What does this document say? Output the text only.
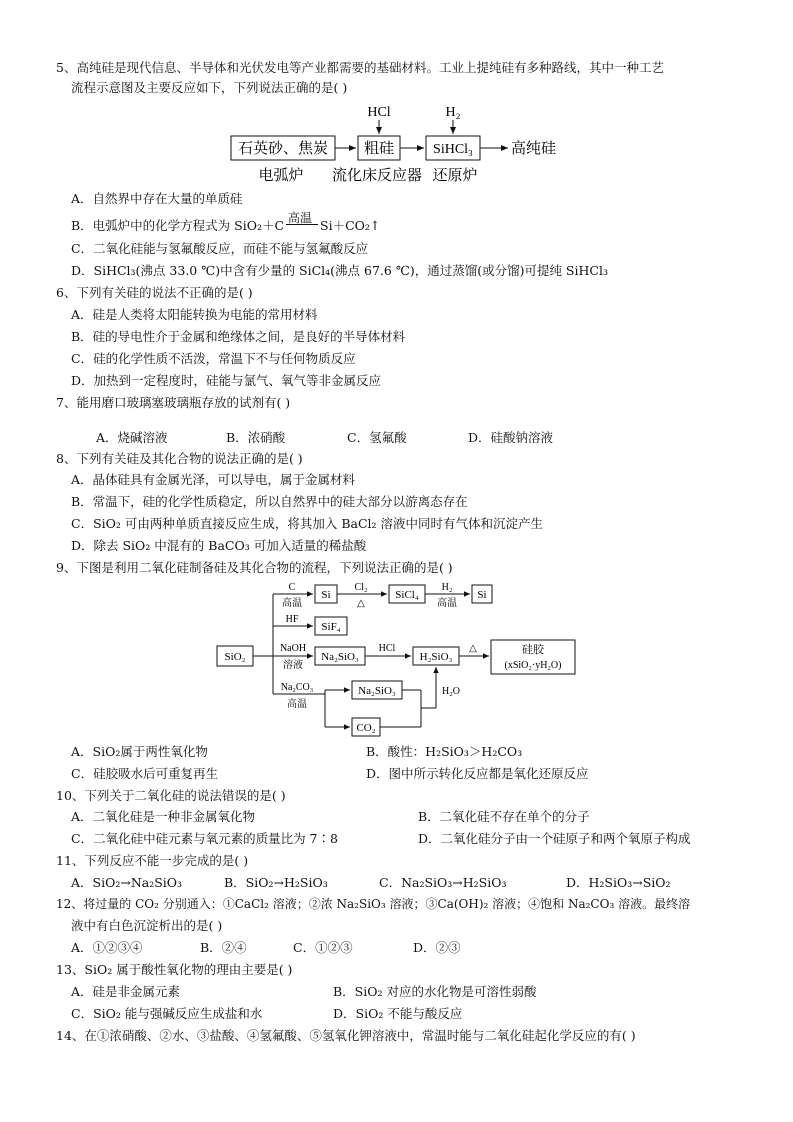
5、高纯硅是现代信息、半导体和光伏发电等产业都需要的基础材料。工业上提纯硅有多种路线，其中一种工艺
流程示意图及主要反应如下，下列说法正确的是( )
HCl	H₂
石英砂、焦炭 粗硅	SiHCl₃	高纯硅
电弧炉 流化床反应器 还原炉
A．自然界中存在大量的单质硅
B．电弧炉中的化学方程式为 SiO₂＋C 高温 Si＋CO₂↑
C．二氧化硅能与氢氟酸反应，而硅不能与氢氟酸反应
D．SiHCl₃(沸点 33.0 ℃)中含有少量的 SiCl₄(沸点 67.6 ℃)，通过蒸馏(或分馏)可提纯 SiHCl₃
6、下列有关硅的说法不正确的是( )
A．硅是人类将太阳能转换为电能的常用材料
B．硅的导电性介于金属和绝缘体之间，是良好的半导体材料
C．硅的化学性质不活泼，常温下不与任何物质反应
D．加热到一定程度时，硅能与氯气、氧气等非金属反应
7、能用磨口玻璃塞玻璃瓶存放的试剂有( )
A．烧碱溶液	B．浓硝酸	C．氢氟酸	D．硅酸钠溶液
8、下列有关硅及其化合物的说法正确的是( )
A．晶体硅具有金属光泽，可以导电，属于金属材料
B．常温下，硅的化学性质稳定，所以自然界中的硅大部分以游离态存在
C．SiO₂ 可由两种单质直接反应生成，将其加入 BaCl₂ 溶液中同时有气体和沉淀产生
D．除去 SiO₂ 中混有的 BaCO₃ 可加入适量的稀盐酸
9、下图是利用二氧化硅制备硅及其化合物的流程，下列说法正确的是( )
SiO₂
C
高温
Si
Cl₂
△
SiCl₄
H₂
高温
Si
HF
SiF₄
NaOH
溶液
Na₂SiO₃
HCl
H₂SiO₃
△	硅胶
(xSiO₂·yH₂O)
Na₂CO₃
高温
Na₂SiO₃
CO₂
H₂O
A．SiO₂属于两性氧化物	B．酸性：H₂SiO₃＞H₂CO₃
C．硅胶吸水后可重复再生	D．图中所示转化反应都是氧化还原反应
10、下列关于二氧化硅的说法错误的是( )
A．二氧化硅是一种非金属氧化物	B．二氧化硅不存在单个的分子
C．二氧化硅中硅元素与氧元素的质量比为 7∶8	D．二氧化硅分子由一个硅原子和两个氧原子构成
11、下列反应不能一步完成的是( )
A．SiO₂→Na₂SiO₃	B．SiO₂→H₂SiO₃	C．Na₂SiO₃→H₂SiO₃	D．H₂SiO₃→SiO₂
12、将过量的 CO₂ 分别通入：①CaCl₂ 溶液；②浓 Na₂SiO₃ 溶液；③Ca(OH)₂ 溶液；④饱和 Na₂CO₃ 溶液。最终溶
液中有白色沉淀析出的是( )
A．①②③④	B．②④	C．①②③	D．②③
13、SiO₂ 属于酸性氧化物的理由主要是( )
A．硅是非金属元素	B．SiO₂ 对应的水化物是可溶性弱酸
C．SiO₂ 能与强碱反应生成盐和水	D．SiO₂ 不能与酸反应
14、在①浓硝酸、②水、③盐酸、④氢氟酸、⑤氢氧化钾溶液中，常温时能与二氧化硅起化学反应的有( )
